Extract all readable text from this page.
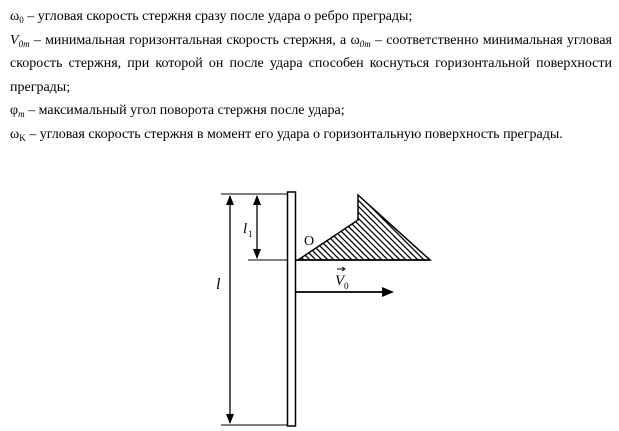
$\omega_0$ – угловая скорость стержня сразу после удара о ребро преграды;

$V_{0m}$ – минимальная горизонтальная скорость стержня, а $\omega_{0m}$ – соответственно минимальная угловая скорость стержня, при которой он после удара способен коснуться горизонтальной поверхности преграды;

$\varphi_m$ – максимальный угол поворота стержня после удара;

$\omega_K$ – угловая скорость стержня в момент его удара о горизонтальную поверхность преграды.

l
l 1	O
V 0
